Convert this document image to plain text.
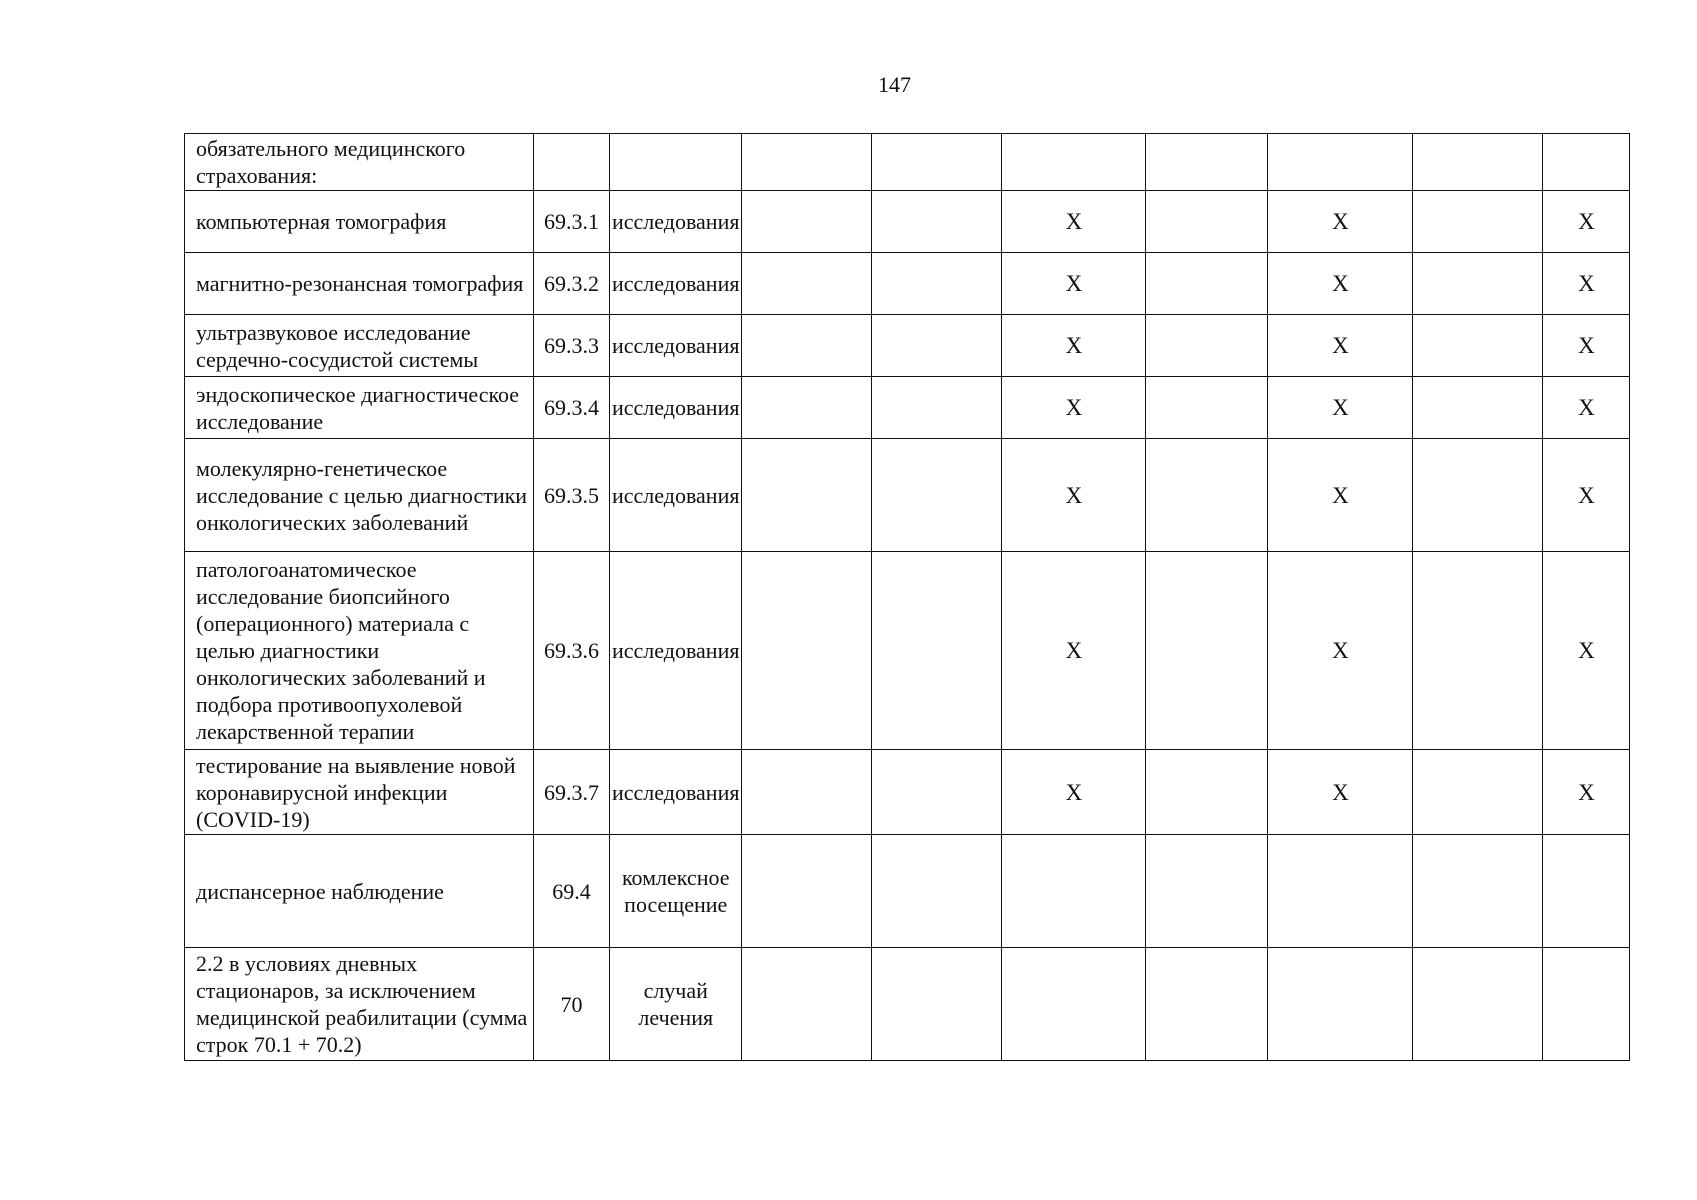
147
обязательного медицинского страхования:									
компьютерная томография	69.3.1	исследования			X		X		X
магнитно-резонансная томография	69.3.2	исследования			X		X		X
ультразвуковое исследование сердечно-сосудистой системы	69.3.3	исследования			X		X		X
эндоскопическое диагностическое исследование	69.3.4	исследования			X		X		X
молекулярно-генетическое исследование с целью диагностики онкологических заболеваний	69.3.5	исследования			X		X		X
патологоанатомическое исследование биопсийного (операционного) материала с целью диагностики онкологических заболеваний и подбора противоопухолевой лекарственной терапии	69.3.6	исследования			X		X		X
тестирование на выявление новой коронавирусной инфекции (COVID-19)	69.3.7	исследования			X		X		X
диспансерное наблюдение	69.4	комлексное посещение							
2.2 в условиях дневных стационаров, за исключением медицинской реабилитации (сумма строк 70.1 + 70.2)	70	случай лечения							
